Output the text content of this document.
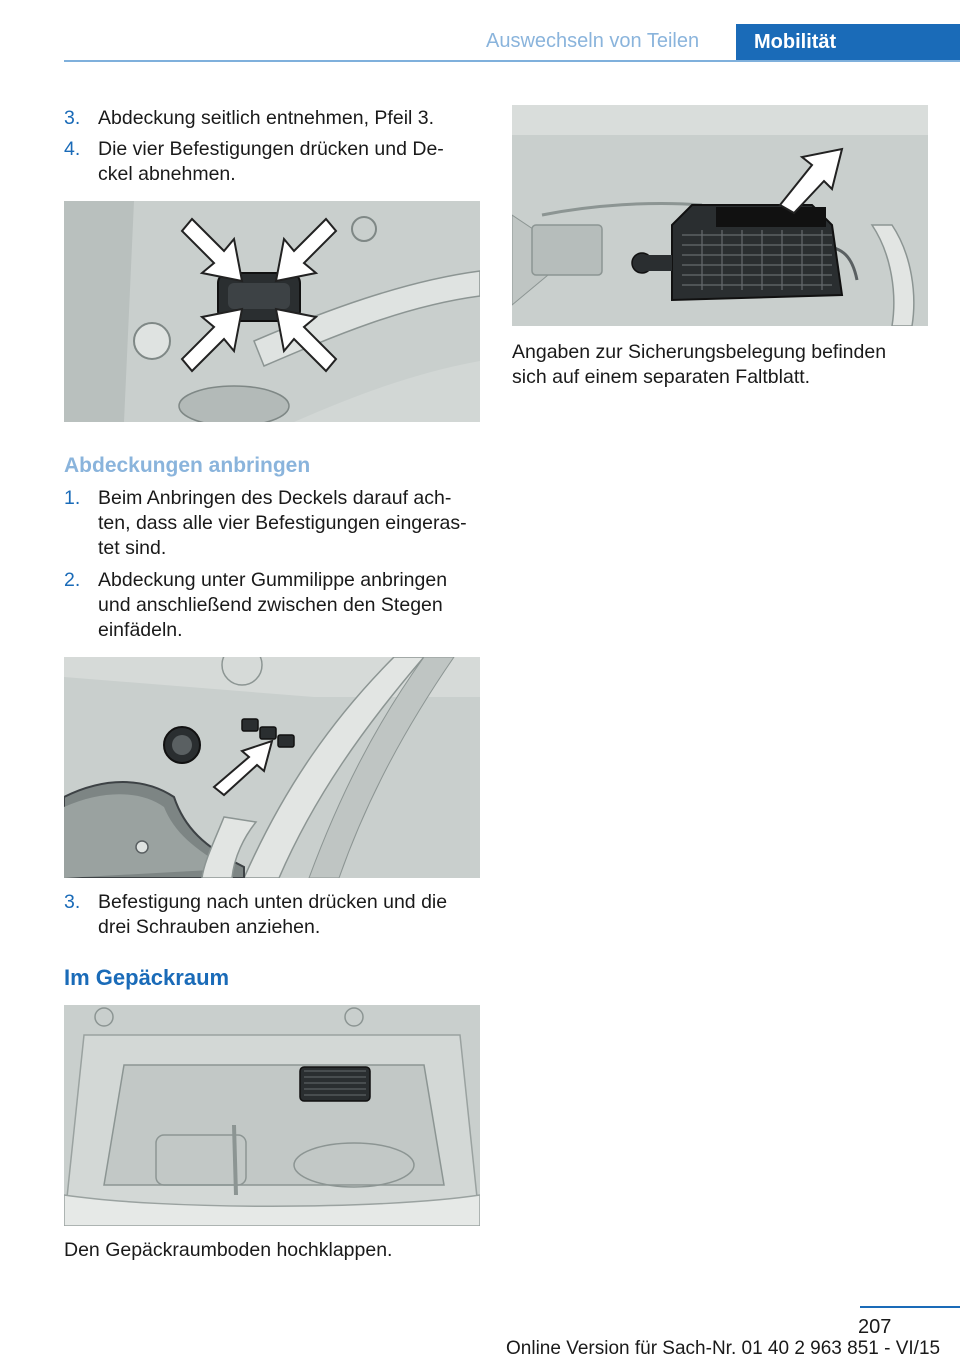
Auswechseln von Teilen	Mobilität
3. Abdeckung seitlich entnehmen, Pfeil 3.
4. Die vier Befestigungen drücken und De-ckel abnehmen.
Abdeckungen anbringen
1. Beim Anbringen des Deckels darauf ach-ten, dass alle vier Befestigungen eingeras-tet sind.
2. Abdeckung unter Gummilippe anbringen und anschließend zwischen den Stegen einfädeln.
3. Befestigung nach unten drücken und die drei Schrauben anziehen.
Im Gepäckraum
Den Gepäckraumboden hochklappen.
Angaben zur Sicherungsbelegung befinden sich auf einem separaten Faltblatt.
207
Online Version für Sach-Nr. 01 40 2 963 851 - VI/15
